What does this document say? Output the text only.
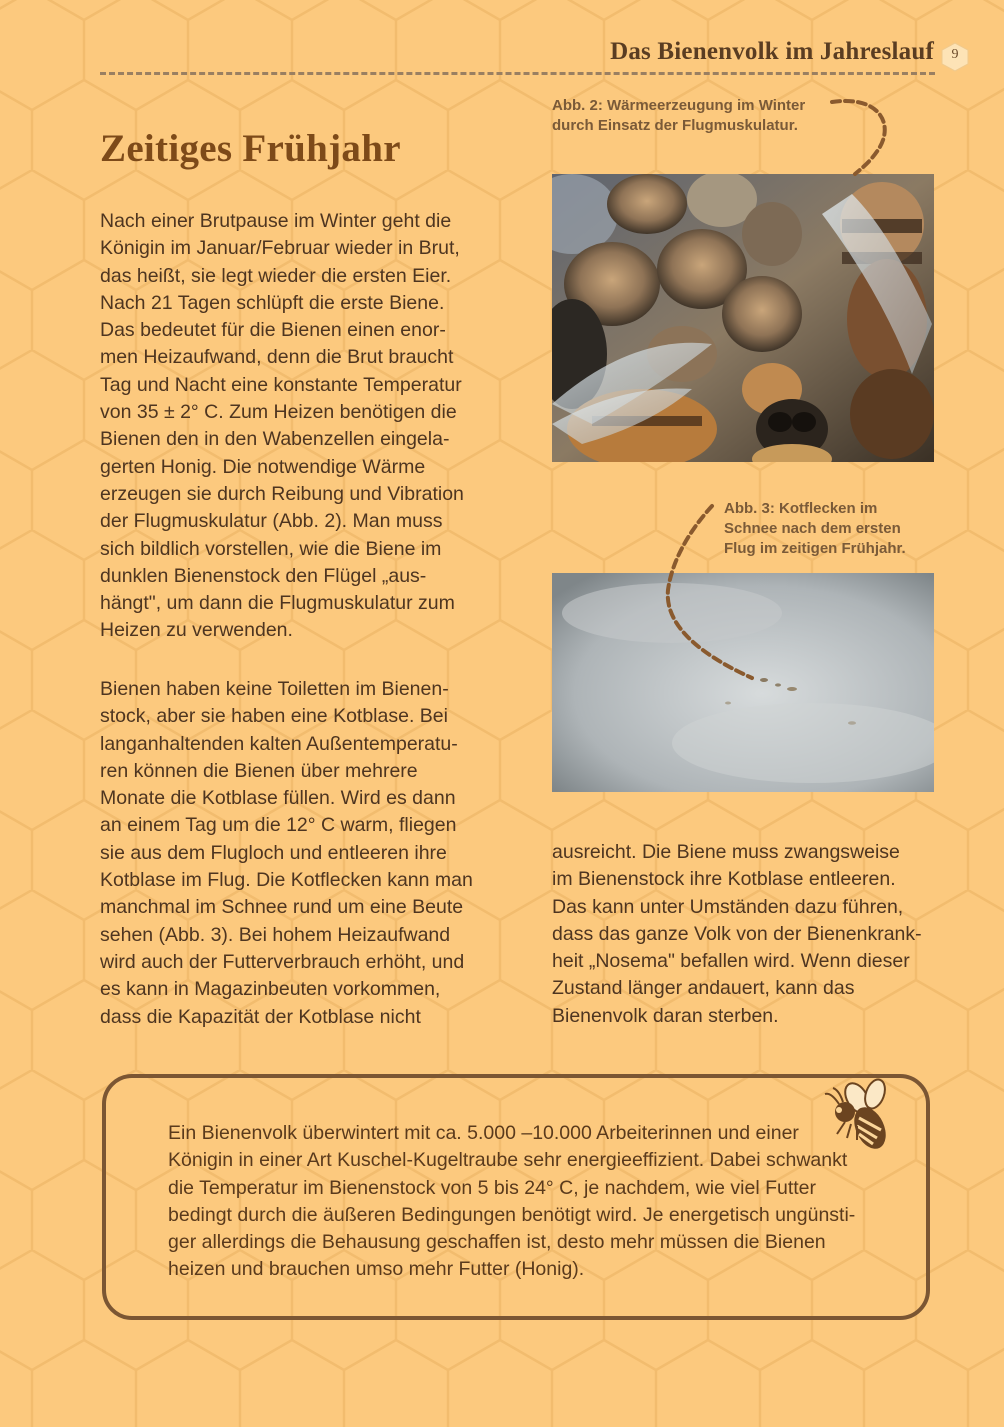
Das Bienenvolk im Jahreslauf	9
Zeitiges Frühjahr

Nach einer Brutpause im Winter geht die
Königin im Januar/Februar wieder in Brut,
das heißt, sie legt wieder die ersten Eier.
Nach 21 Tagen schlüpft die erste Biene.
Das bedeutet für die Bienen einen enor-
men Heizaufwand, denn die Brut braucht
Tag und Nacht eine konstante Temperatur
von 35 ± 2° C. Zum Heizen benötigen die
Bienen den in den Wabenzellen eingela-
gerten Honig. Die notwendige Wärme
erzeugen sie durch Reibung und Vibration
der Flugmuskulatur (Abb. 2). Man muss
sich bildlich vorstellen, wie die Biene im
dunklen Bienenstock den Flügel „aus-
hängt", um dann die Flugmuskulatur zum
Heizen zu verwenden.

Bienen haben keine Toiletten im Bienen-
stock, aber sie haben eine Kotblase. Bei
langanhaltenden kalten Außentemperatu-
ren können die Bienen über mehrere
Monate die Kotblase füllen. Wird es dann
an einem Tag um die 12° C warm, fliegen
sie aus dem Flugloch und entleeren ihre
Kotblase im Flug. Die Kotflecken kann man
manchmal im Schnee rund um eine Beute
sehen (Abb. 3). Bei hohem Heizaufwand
wird auch der Futterverbrauch erhöht, und
es kann in Magazinbeuten vorkommen,
dass die Kapazität der Kotblase nicht

Abb. 2: Wärmeerzeugung im Winter
durch Einsatz der Flugmuskulatur.

Abb. 3: Kotflecken im
Schnee nach dem ersten
Flug im zeitigen Frühjahr.

ausreicht. Die Biene muss zwangsweise
im Bienenstock ihre Kotblase entleeren.
Das kann unter Umständen dazu führen,
dass das ganze Volk von der Bienenkrank-
heit „Nosema" befallen wird. Wenn dieser
Zustand länger andauert, kann das
Bienenvolk daran sterben.

Ein Bienenvolk überwintert mit ca. 5.000 –10.000 Arbeiterinnen und einer
Königin in einer Art Kuschel-Kugeltraube sehr energieeffizient. Dabei schwankt
die Temperatur im Bienenstock von 5 bis 24° C, je nachdem, wie viel Futter
bedingt durch die äußeren Bedingungen benötigt wird. Je energetisch ungünsti-
ger allerdings die Behausung geschaffen ist, desto mehr müssen die Bienen
heizen und brauchen umso mehr Futter (Honig).
